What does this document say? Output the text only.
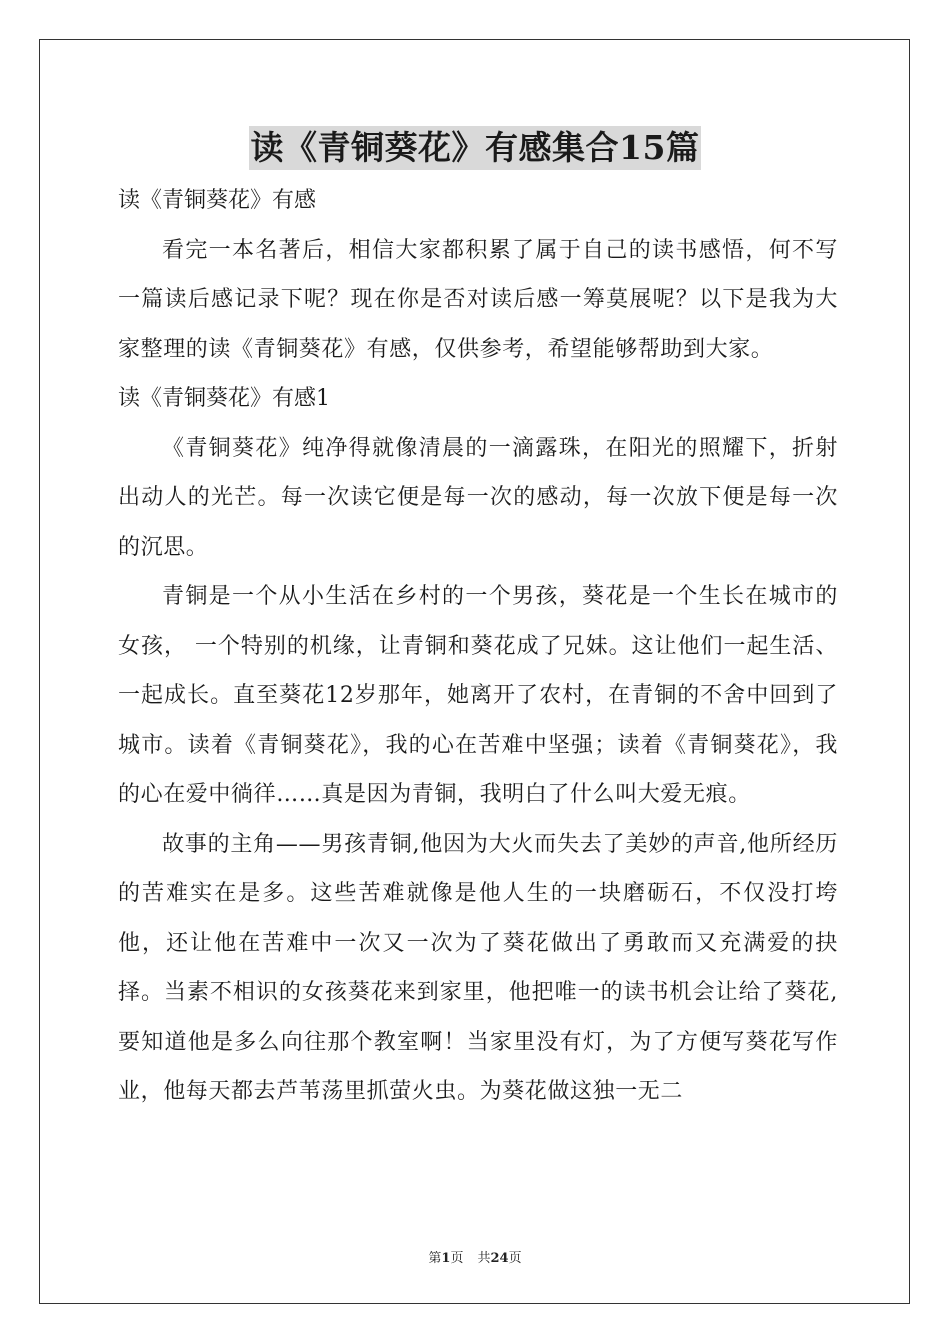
读《青铜葵花》有感集合15篇

读《青铜葵花》有感

看完一本名著后，相信大家都积累了属于自己的读书感悟，何不写一篇读后感记录下呢？现在你是否对读后感一筹莫展呢？以下是我为大家整理的读《青铜葵花》有感，仅供参考，希望能够帮助到大家。

读《青铜葵花》有感1

《青铜葵花》纯净得就像清晨的一滴露珠，在阳光的照耀下，折射出动人的光芒。每一次读它便是每一次的感动，每一次放下便是每一次的沉思。

青铜是一个从小生活在乡村的一个男孩，葵花是一个生长在城市的女孩， 一个特别的机缘，让青铜和葵花成了兄妹。这让他们一起生活、一起成长。直至葵花12岁那年，她离开了农村，在青铜的不舍中回到了城市。读着《青铜葵花》，我的心在苦难中坚强；读着《青铜葵花》，我的心在爱中徜徉……真是因为青铜，我明白了什么叫大爱无痕。

故事的主角——男孩青铜,他因为大火而失去了美妙的声音,他所经历的苦难实在是多。这些苦难就像是他人生的一块磨砺石，不仅没打垮他，还让他在苦难中一次又一次为了葵花做出了勇敢而又充满爱的抉择。当素不相识的女孩葵花来到家里，他把唯一的读书机会让给了葵花,要知道他是多么向往那个教室啊！当家里没有灯，为了方便写葵花写作业，他每天都去芦苇荡里抓萤火虫。为葵花做这独一无二

第1页 共24页
